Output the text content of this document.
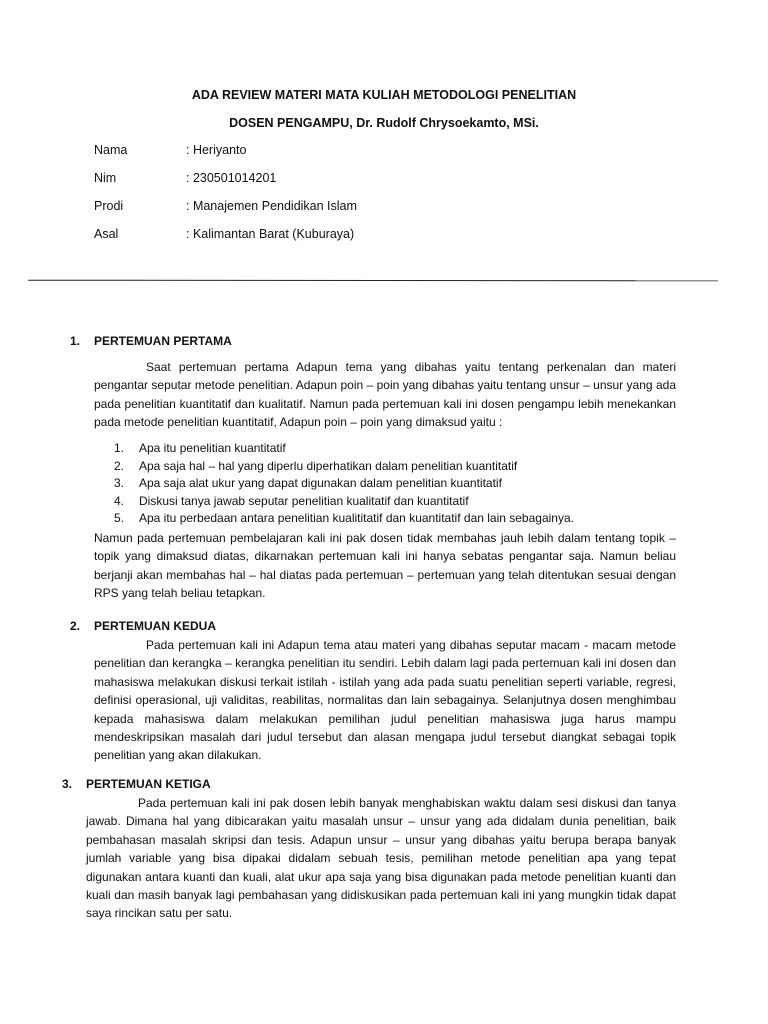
ADA REVIEW MATERI MATA KULIAH METODOLOGI PENELITIAN
DOSEN PENGAMPU, Dr. Rudolf Chrysoekamto, MSi.
Nama	: Heriyanto
Nim	: 230501014201
Prodi	: Manajemen Pendidikan Islam
Asal	: Kalimantan Barat (Kuburaya)
1. PERTEMUAN PERTAMA

Saat pertemuan pertama Adapun tema yang dibahas yaitu tentang perkenalan dan materi pengantar seputar metode penelitian. Adapun poin – poin yang dibahas yaitu tentang unsur – unsur yang ada pada penelitian kuantitatif dan kualitatif. Namun pada pertemuan kali ini dosen pengampu lebih menekankan pada metode penelitian kuantitatif, Adapun poin – poin yang dimaksud yaitu :

1. Apa itu penelitian kuantitatif
2. Apa saja hal – hal yang diperlu diperhatikan dalam penelitian kuantitatif
3. Apa saja alat ukur yang dapat digunakan dalam penelitian kuantitatif
4. Diskusi tanya jawab seputar penelitian kualitatif dan kuantitatif
5. Apa itu perbedaan antara penelitian kualititatif dan kuantitatif dan lain sebagainya.

Namun pada pertemuan pembelajaran kali ini pak dosen tidak membahas jauh lebih dalam tentang topik – topik yang dimaksud diatas, dikarnakan pertemuan kali ini hanya sebatas pengantar saja. Namun beliau berjanji akan membahas hal – hal diatas pada pertemuan – pertemuan yang telah ditentukan sesuai dengan RPS yang telah beliau tetapkan.

2. PERTEMUAN KEDUA

Pada pertemuan kali ini Adapun tema atau materi yang dibahas seputar macam - macam metode penelitian dan kerangka – kerangka penelitian itu sendiri. Lebih dalam lagi pada pertemuan kali ini dosen dan mahasiswa melakukan diskusi terkait istilah - istilah yang ada pada suatu penelitian seperti variable, regresi, definisi operasional, uji validitas, reabilitas, normalitas dan lain sebagainya. Selanjutnya dosen menghimbau kepada mahasiswa dalam melakukan pemilihan judul penelitian mahasiswa juga harus mampu mendeskripsikan masalah dari judul tersebut dan alasan mengapa judul tersebut diangkat sebagai topik penelitian yang akan dilakukan.

3. PERTEMUAN KETIGA

Pada pertemuan kali ini pak dosen lebih banyak menghabiskan waktu dalam sesi diskusi dan tanya jawab. Dimana hal yang dibicarakan yaitu masalah unsur – unsur yang ada didalam dunia penelitian, baik pembahasan masalah skripsi dan tesis. Adapun unsur – unsur yang dibahas yaitu berupa berapa banyak jumlah variable yang bisa dipakai didalam sebuah tesis, pemilihan metode penelitian apa yang tepat digunakan antara kuanti dan kuali, alat ukur apa saja yang bisa digunakan pada metode penelitian kuanti dan kuali dan masih banyak lagi pembahasan yang didiskusikan pada pertemuan kali ini yang mungkin tidak dapat saya rincikan satu per satu.
